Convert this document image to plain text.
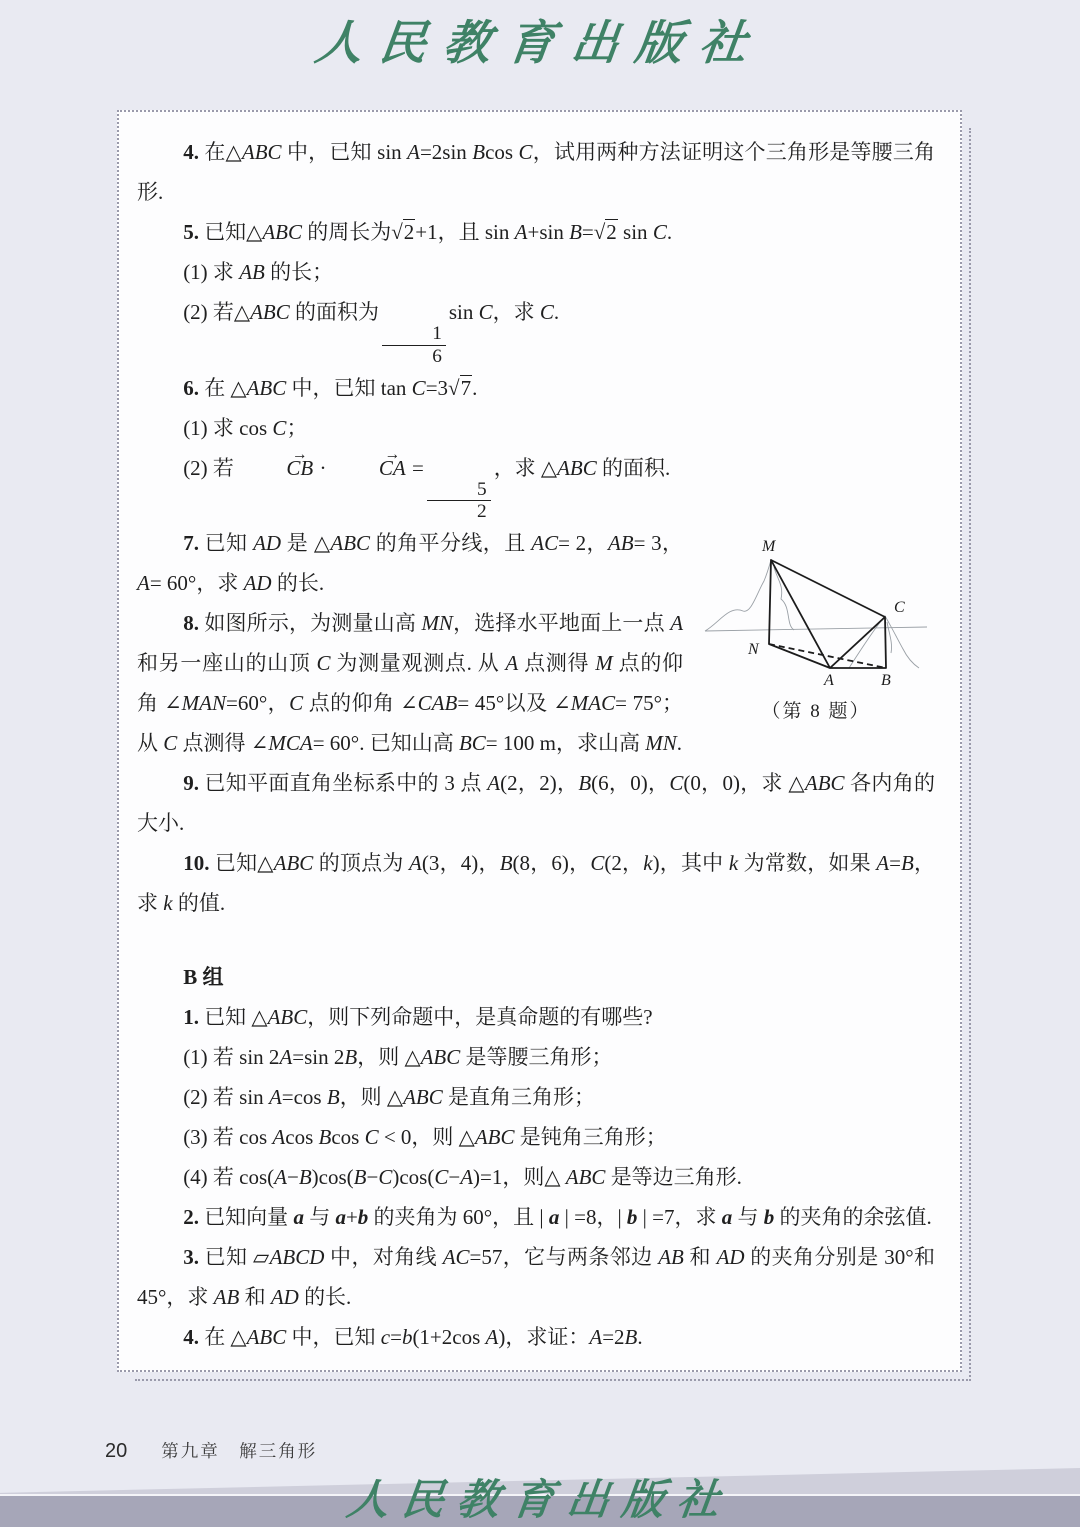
人民教育出版社

4. 在△ABC 中，已知 sin A=2sin Bcos C，试用两种方法证明这个三角形是等腰三角形.

5. 已知△ABC 的周长为√2+1，且 sin A+sin B=√2 sin C.

(1) 求 AB 的长；

(2) 若△ABC 的面积为
$\frac{1}{6}$
sin C，求 C.

6. 在 △ABC 中，已知 tan C=3√7.

(1) 求 cos C；

(2) 若 CB → · CA → =
$\frac{5}{2}$
，求 △ABC 的面积.

M
N
A	B
C
（第 8 题）

7. 已知 AD 是 △ABC 的角平分线，且 AC= 2，AB= 3，A= 60°，求 AD 的长.

8. 如图所示，为测量山高 MN，选择水平地面上一点 A 和另一座山的山顶 C 为测量观测点. 从 A 点测得 M 点的仰角 ∠MAN=60°，C 点的仰角 ∠CAB= 45°以及 ∠MAC= 75°；从 C 点测得 ∠MCA= 60°. 已知山高 BC= 100 m，求山高 MN.

9. 已知平面直角坐标系中的 3 点 A(2，2)，B(6，0)，C(0，0)，求 △ABC 各内角的大小.

10. 已知△ABC 的顶点为 A(3，4)，B(8，6)，C(2，k)，其中 k 为常数，如果 A=B，求 k 的值.

B 组

1. 已知 △ABC，则下列命题中，是真命题的有哪些?

(1) 若 sin 2A=sin 2B，则 △ABC 是等腰三角形；

(2) 若 sin A=cos B，则 △ABC 是直角三角形；

(3) 若 cos Acos Bcos C < 0，则 △ABC 是钝角三角形；

(4) 若 cos(A−B)cos(B−C)cos(C−A)=1，则△ ABC 是等边三角形.

2. 已知向量 a 与 a+b 的夹角为 60°，且 | a | =8，| b | =7，求 a 与 b 的夹角的余弦值.

3. 已知 ▱ABCD 中，对角线 AC=57，它与两条邻边 AB 和 AD 的夹角分别是 30°和 45°，求 AB 和 AD 的长.

4. 在 △ABC 中，已知 c=b(1+2cos A)，求证：A=2B.

20 第九章　解三角形
人民教育出版社
